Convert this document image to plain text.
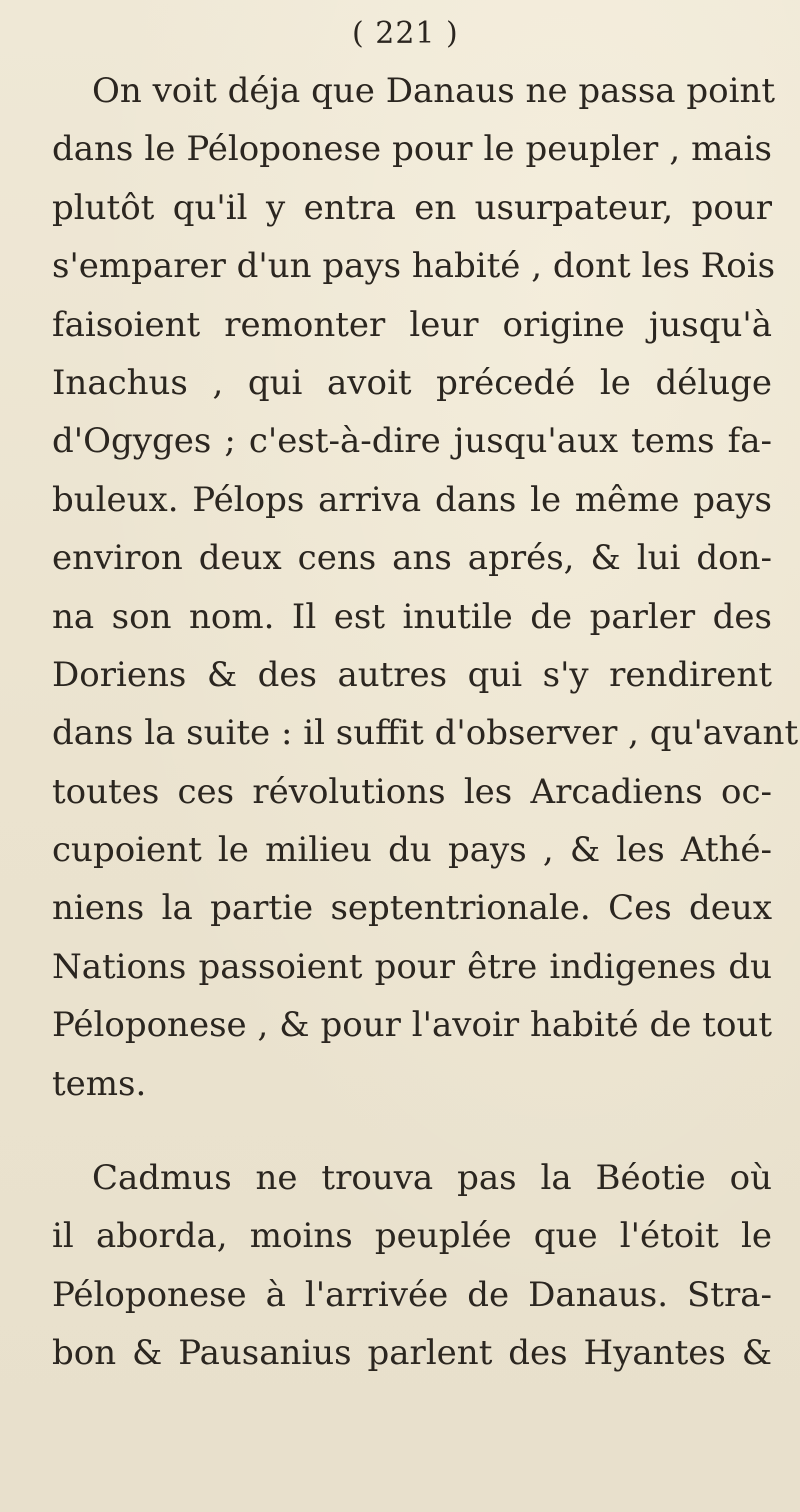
( 221 )
On voit déja que Danaus ne passa point
dans le Péloponese pour le peupler , mais
plutôt qu'il y entra en usurpateur, pour
s'emparer d'un pays habité , dont les Rois
faisoient remonter leur origine jusqu'à
Inachus , qui avoit précedé le déluge
d'Ogyges ; c'est-à-dire jusqu'aux tems fa-
buleux. Pélops arriva dans le même pays
environ deux cens ans aprés, & lui don-
na son nom. Il est inutile de parler des
Doriens & des autres qui s'y rendirent
dans la suite : il suffit d'observer , qu'avant
toutes ces révolutions les Arcadiens oc-
cupoient le milieu du pays , & les Athé-
niens la partie septentrionale. Ces deux
Nations passoient pour être indigenes du
Péloponese , & pour l'avoir habité de tout
tems.
Cadmus ne trouva pas la Béotie où
il aborda, moins peuplée que l'étoit le
Péloponese à l'arrivée de Danaus. Stra-
bon & Pausanius parlent des Hyantes &
